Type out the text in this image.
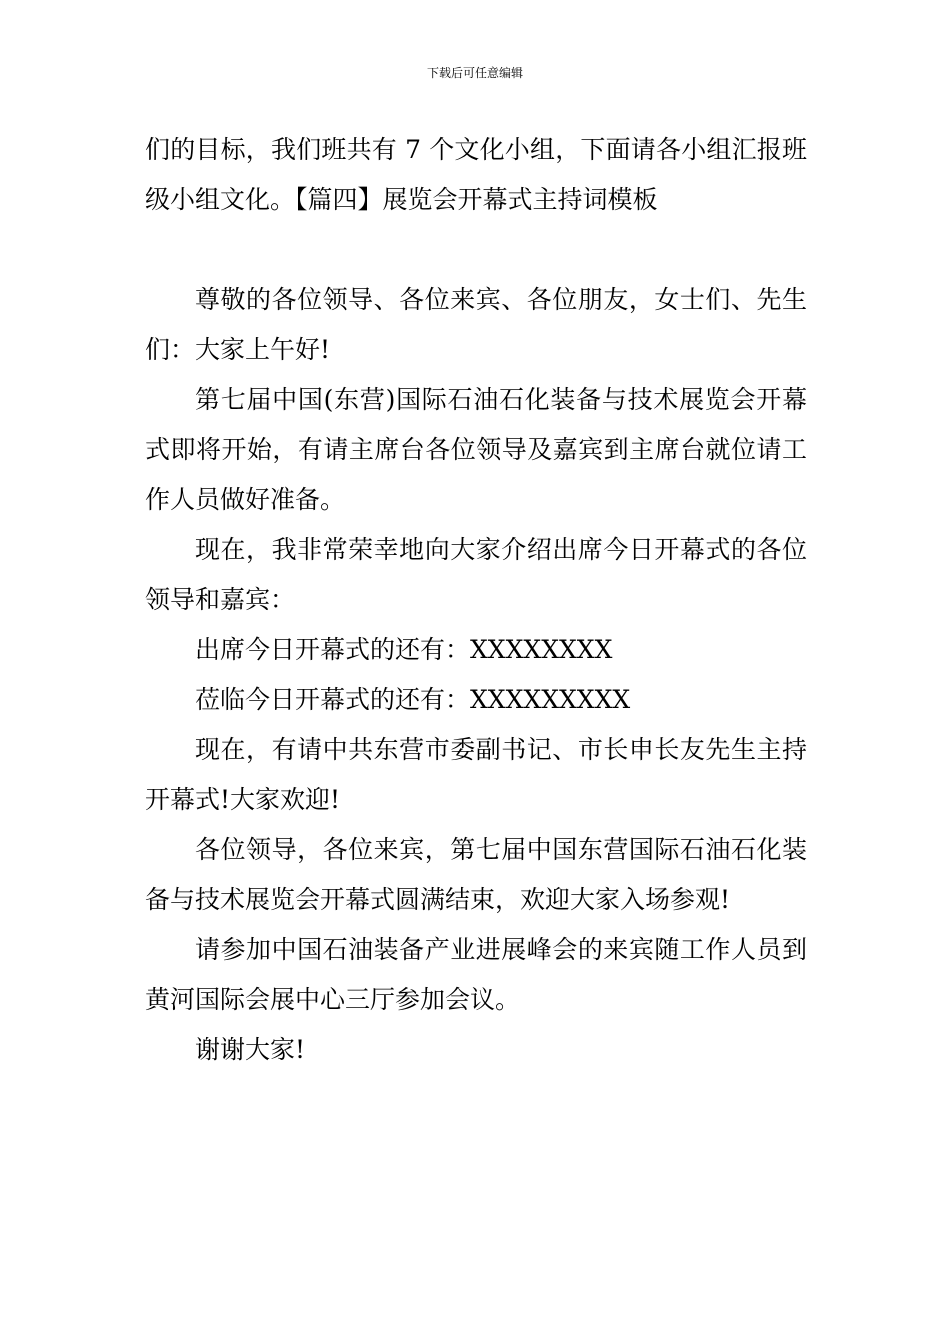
下载后可任意编辑

们的目标，我们班共有 7 个文化小组，下面请各小组汇报班级小组文化。【篇四】展览会开幕式主持词模板

尊敬的各位领导、各位来宾、各位朋友，女士们、先生们：大家上午好!

第七届中国(东营)国际石油石化装备与技术展览会开幕式即将开始，有请主席台各位领导及嘉宾到主席台就位请工作人员做好准备。

现在，我非常荣幸地向大家介绍出席今日开幕式的各位领导和嘉宾：

出席今日开幕式的还有：XXXXXXXX

莅临今日开幕式的还有：XXXXXXXXX

现在，有请中共东营市委副书记、市长申长友先生主持开幕式!大家欢迎!

各位领导，各位来宾，第七届中国东营国际石油石化装备与技术展览会开幕式圆满结束，欢迎大家入场参观!

请参加中国石油装备产业进展峰会的来宾随工作人员到黄河国际会展中心三厅参加会议。

谢谢大家!
